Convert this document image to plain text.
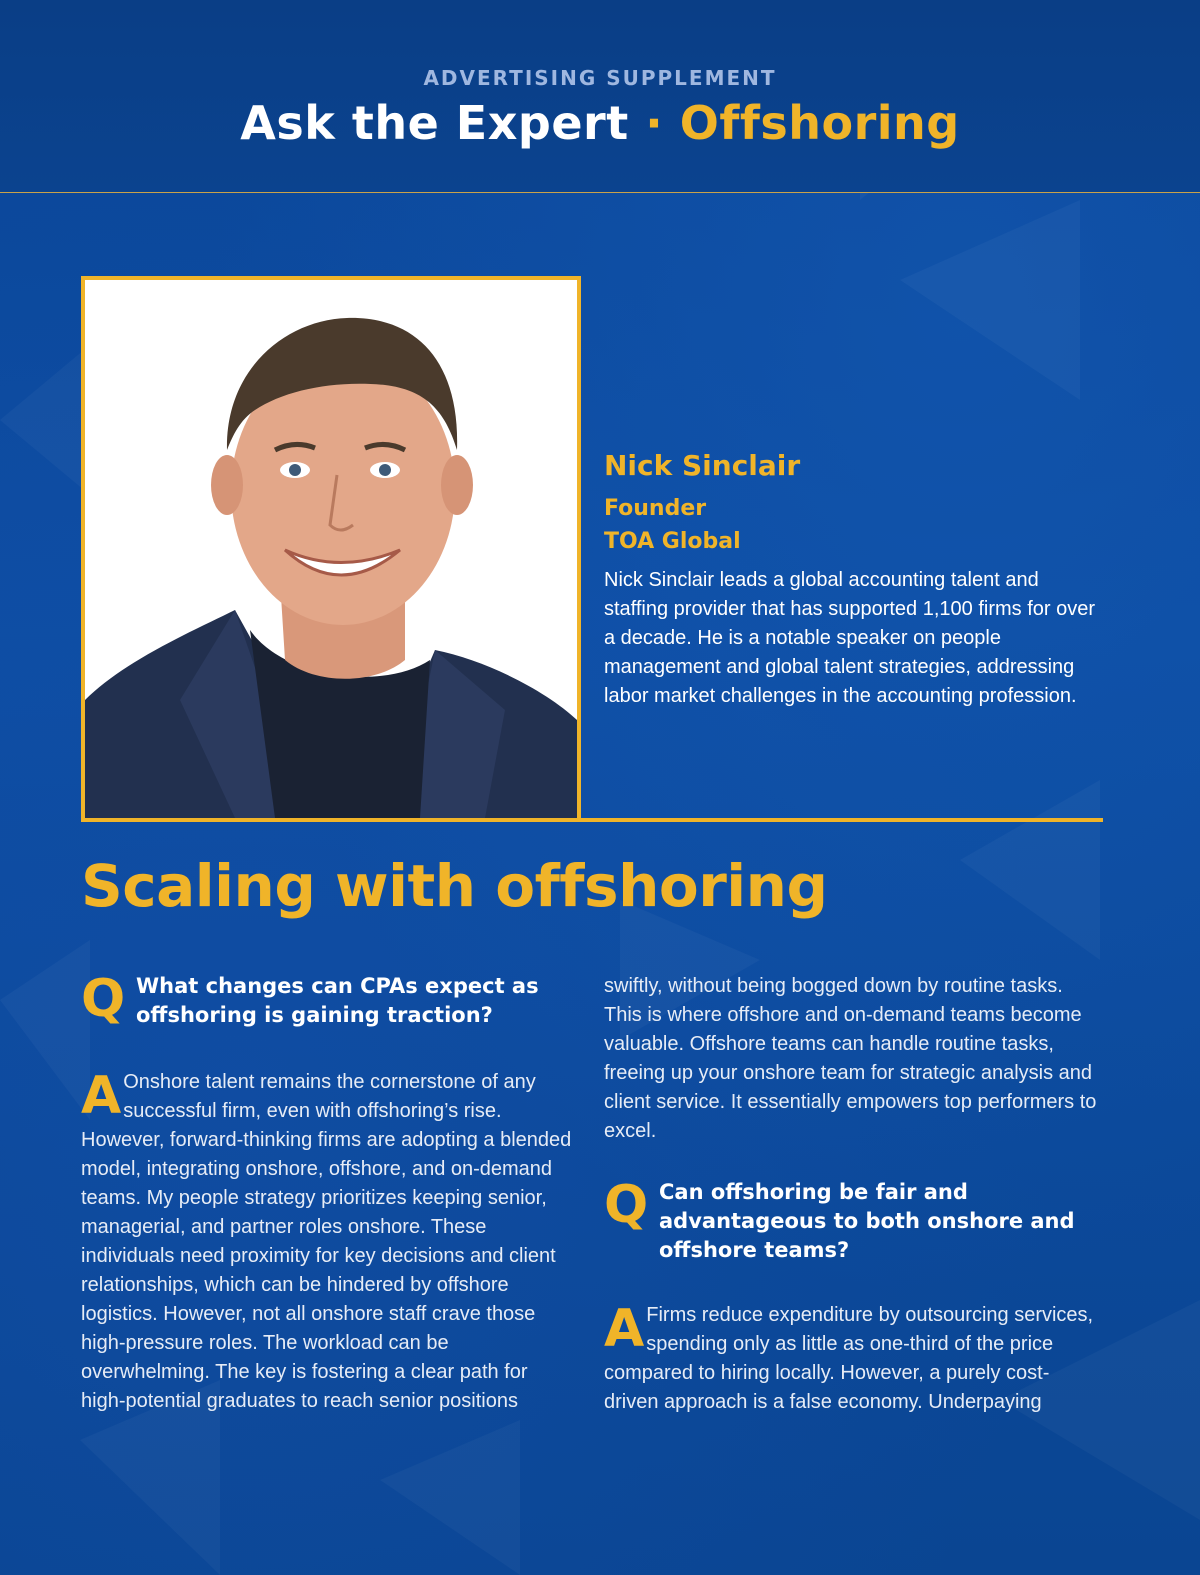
ADVERTISING SUPPLEMENT
Ask the Expert · Offshoring
Nick Sinclair
Founder
TOA Global

Nick Sinclair leads a global accounting talent and staffing provider that has supported 1,100 firms for over a decade. He is a notable speaker on people management and global talent strategies, addressing labor market challenges in the accounting profession.

Scaling with offshoring
Q What changes can CPAs expect as offshoring is gaining traction?

A Onshore talent remains the cornerstone of any successful firm, even with offshoring’s rise. However, forward-thinking firms are adopting a blended model, integrating onshore, offshore, and on-demand teams. My people strategy prioritizes keeping senior, managerial, and partner roles onshore. These individuals need proximity for key decisions and client relationships, which can be hindered by offshore logistics. However, not all onshore staff crave those high-pressure roles. The workload can be overwhelming. The key is fostering a clear path for high-potential graduates to reach senior positions

swiftly, without being bogged down by routine tasks. This is where offshore and on-demand teams become valuable. Offshore teams can handle routine tasks, freeing up your onshore team for strategic analysis and client service. It essentially empowers top performers to excel.

Q Can offshoring be fair and advantageous to both onshore and offshore teams?

A Firms reduce expenditure by outsourcing services, spending only as little as one-third of the price compared to hiring locally. However, a purely cost-driven approach is a false economy. Underpaying
